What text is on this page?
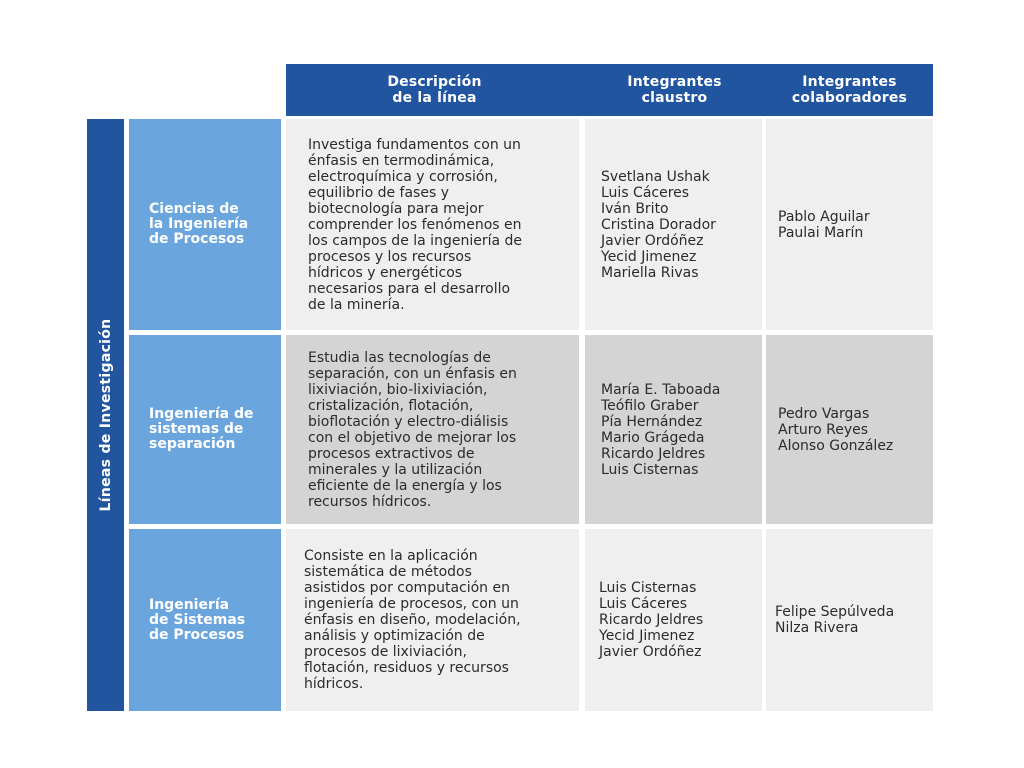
Descripción
de la línea
Integrantes
claustro
Integrantes
colaboradores
Líneas de Investigación
Ciencias de
la Ingeniería
de Procesos
Investiga fundamentos con un
énfasis en termodinámica,
electroquímica y corrosión,
equilibrio de fases y
biotecnología para mejor
comprender los fenómenos en
los campos de la ingeniería de
procesos y los recursos
hídricos y energéticos
necesarios para el desarrollo
de la minería.
Svetlana Ushak
Luis Cáceres
Iván Brito
Cristina Dorador
Javier Ordóñez
Yecid Jimenez
Mariella Rivas
Pablo Aguilar
Paulai Marín
Ingeniería de
sistemas de
separación
Estudia las tecnologías de
separación, con un énfasis en
lixiviación, bio-lixiviación,
cristalización, flotación,
bioflotación y electro-diálisis
con el objetivo de mejorar los
procesos extractivos de
minerales y la utilización
eficiente de la energía y los
recursos hídricos.
María E. Taboada
Teófilo Graber
Pía Hernández
Mario Grágeda
Ricardo Jeldres
Luis Cisternas
Pedro Vargas
Arturo Reyes
Alonso González
Ingeniería
de Sistemas
de Procesos
Consiste en la aplicación
sistemática de métodos
asistidos por computación en
ingeniería de procesos, con un
énfasis en diseño, modelación,
análisis y optimización de
procesos de lixiviación,
flotación, residuos y recursos
hídricos.
Luis Cisternas
Luis Cáceres
Ricardo Jeldres
Yecid Jimenez
Javier Ordóñez
Felipe Sepúlveda
Nilza Rivera
